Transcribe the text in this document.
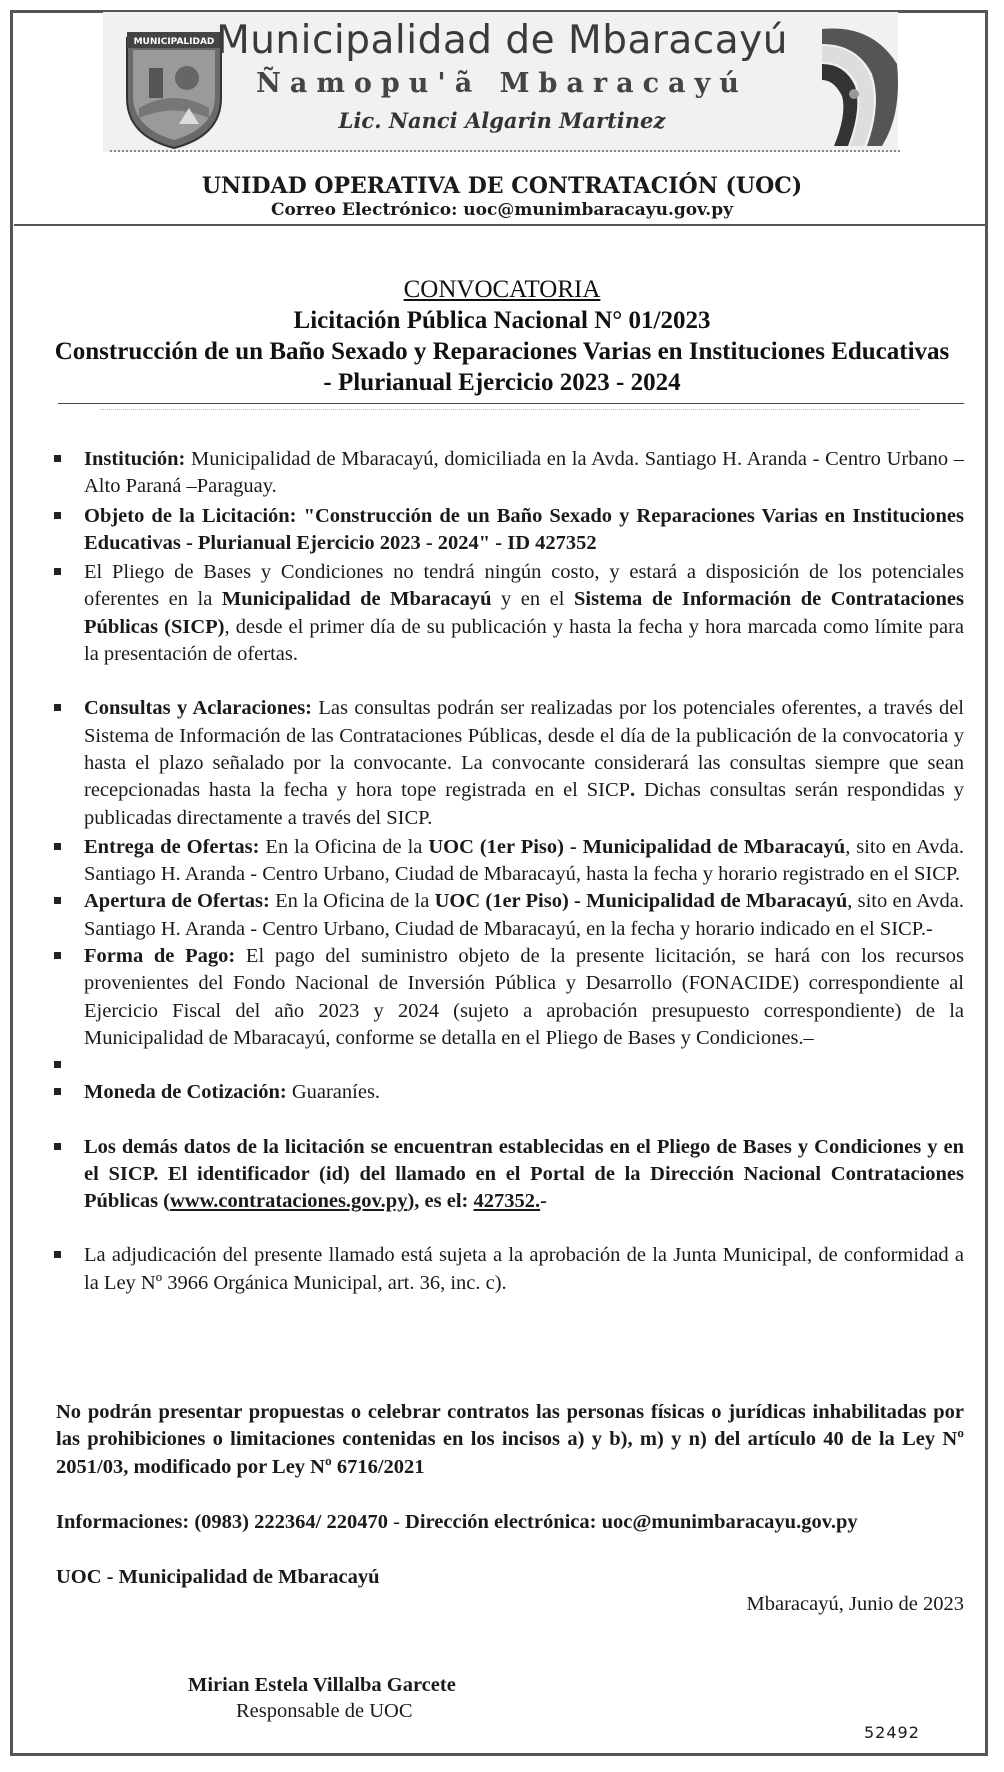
MUNICIPALIDAD Municipalidad de Mbaracayú
Ñamopu'ã Mbaracayú
Lic. Nanci Algarin Martinez
UNIDAD OPERATIVA DE CONTRATACIÓN (UOC)
Correo Electrónico: uoc@munimbaracayu.gov.py
CONVOCATORIA
Licitación Pública Nacional N° 01/2023
Construcción de un Baño Sexado y Reparaciones Varias en Instituciones Educativas
- Plurianual Ejercicio 2023 - 2024
Institución: Municipalidad de Mbaracayú, domiciliada en la Avda. Santiago H. Aranda - Centro Urbano – Alto Paraná –Paraguay.
Objeto de la Licitación: "Construcción de un Baño Sexado y Reparaciones Varias en Instituciones Educativas - Plurianual Ejercicio 2023 - 2024" - ID 427352
El Pliego de Bases y Condiciones no tendrá ningún costo, y estará a disposición de los potenciales oferentes en la Municipalidad de Mbaracayú y en el Sistema de Información de Contrataciones Públicas (SICP), desde el primer día de su publicación y hasta la fecha y hora marcada como límite para la presentación de ofertas.
Consultas y Aclaraciones: Las consultas podrán ser realizadas por los potenciales oferentes, a través del Sistema de Información de las Contrataciones Públicas, desde el día de la publicación de la convocatoria y hasta el plazo señalado por la convocante. La convocante considerará las consultas siempre que sean recepcionadas hasta la fecha y hora tope registrada en el SICP. Dichas consultas serán respondidas y publicadas directamente a través del SICP.
Entrega de Ofertas: En la Oficina de la UOC (1er Piso) - Municipalidad de Mbaracayú, sito en Avda. Santiago H. Aranda - Centro Urbano, Ciudad de Mbaracayú, hasta la fecha y horario registrado en el SICP.
Apertura de Ofertas: En la Oficina de la UOC (1er Piso) - Municipalidad de Mbaracayú, sito en Avda. Santiago H. Aranda - Centro Urbano, Ciudad de Mbaracayú, en la fecha y horario indicado en el SICP.-
Forma de Pago: El pago del suministro objeto de la presente licitación, se hará con los recursos provenientes del Fondo Nacional de Inversión Pública y Desarrollo (FONACIDE) correspondiente al Ejercicio Fiscal del año 2023 y 2024 (sujeto a aprobación presupuesto correspondiente) de la Municipalidad de Mbaracayú, conforme se detalla en el Pliego de Bases y Condiciones.–
Moneda de Cotización: Guaraníes.
Los demás datos de la licitación se encuentran establecidas en el Pliego de Bases y Condiciones y en el SICP. El identificador (id) del llamado en el Portal de la Dirección Nacional Contrataciones Públicas (www.contrataciones.gov.py), es el: 427352.-
La adjudicación del presente llamado está sujeta a la aprobación de la Junta Municipal, de conformidad a la Ley Nº 3966 Orgánica Municipal, art. 36, inc. c).
No podrán presentar propuestas o celebrar contratos las personas físicas o jurídicas inhabilitadas por las prohibiciones o limitaciones contenidas en los incisos a) y b), m) y n) del artículo 40 de la Ley Nº 2051/03, modificado por Ley Nº 6716/2021
Informaciones: (0983) 222364/ 220470 - Dirección electrónica: uoc@munimbaracayu.gov.py
UOC - Municipalidad de Mbaracayú
Mbaracayú, Junio de 2023
Mirian Estela Villalba Garcete
Responsable de UOC
52492
